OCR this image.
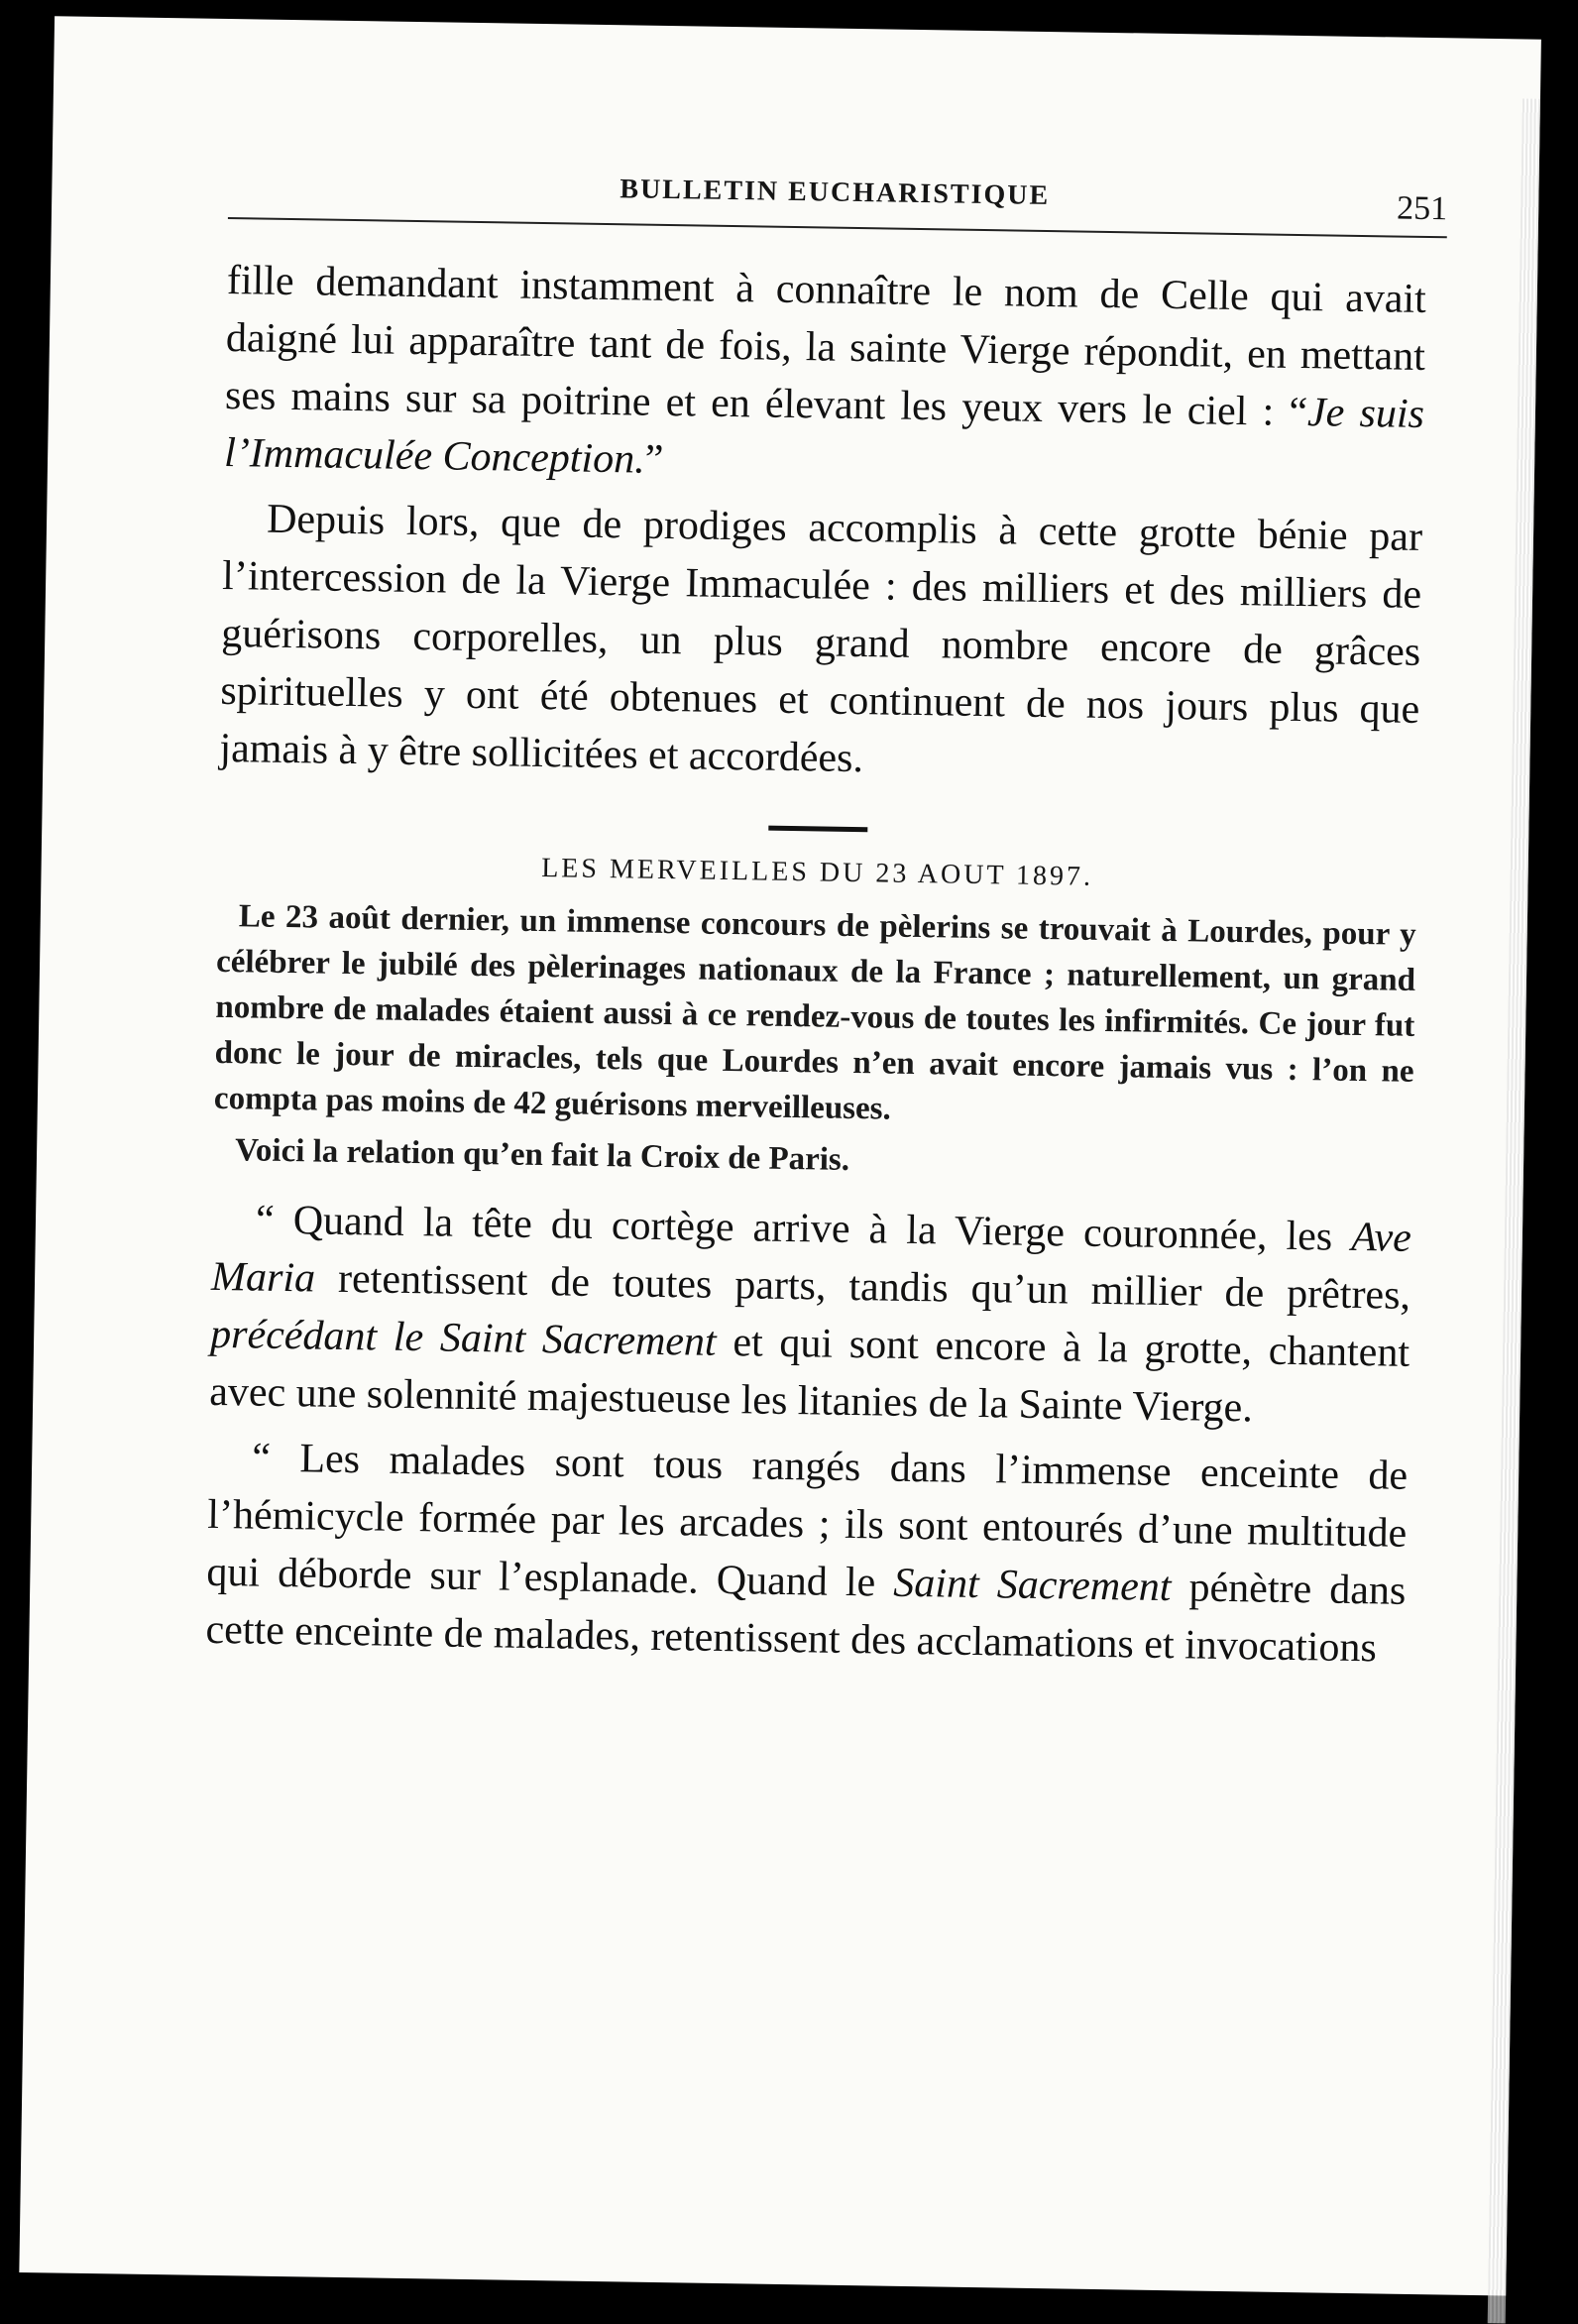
BULLETIN EUCHARISTIQUE	251

fille demandant instamment à connaître le nom de Celle qui avait daigné lui apparaître tant de fois, la sainte Vierge répondit, en mettant ses mains sur sa poitrine et en élevant les yeux vers le ciel : “Je suis l’Immaculée Conception.”

Depuis lors, que de prodiges accomplis à cette grotte bénie par l’intercession de la Vierge Immaculée : des milliers et des milliers de guérisons corporelles, un plus grand nombre encore de grâces spirituelles y ont été obtenues et continuent de nos jours plus que jamais à y être sollicitées et accordées.

LES MERVEILLES DU 23 AOUT 1897.

Le 23 août dernier, un immense concours de pèlerins se trouvait à Lourdes, pour y célébrer le jubilé des pèlerinages nationaux de la France ; naturellement, un grand nombre de malades étaient aussi à ce rendez-vous de toutes les infirmités. Ce jour fut donc le jour de miracles, tels que Lourdes n’en avait encore jamais vus : l’on ne compta pas moins de 42 guérisons merveilleuses.

Voici la relation qu’en fait la Croix de Paris.

“ Quand la tête du cortège arrive à la Vierge couronnée, les Ave Maria retentissent de toutes parts, tandis qu’un millier de prêtres, précédant le Saint Sacrement et qui sont encore à la grotte, chantent avec une solennité majestueuse les litanies de la Sainte Vierge.

“ Les malades sont tous rangés dans l’immense enceinte de l’hémicycle formée par les arcades ; ils sont entourés d’une multitude qui déborde sur l’esplanade. Quand le Saint Sacrement pénètre dans cette enceinte de malades, retentissent des acclamations et invocations
